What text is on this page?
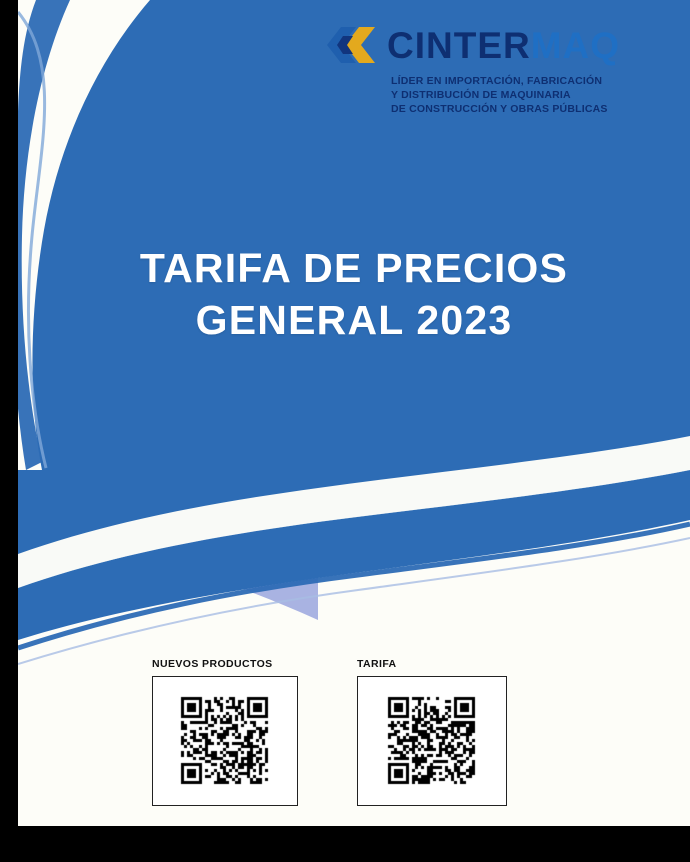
CINTERMAQ
LÍDER EN IMPORTACIÓN, FABRICACIÓN
Y DISTRIBUCIÓN DE MAQUINARIA
DE CONSTRUCCIÓN Y OBRAS PÚBLICAS
TARIFA DE PRECIOS
GENERAL 2023
NUEVOS PRODUCTOS	TARIFA
